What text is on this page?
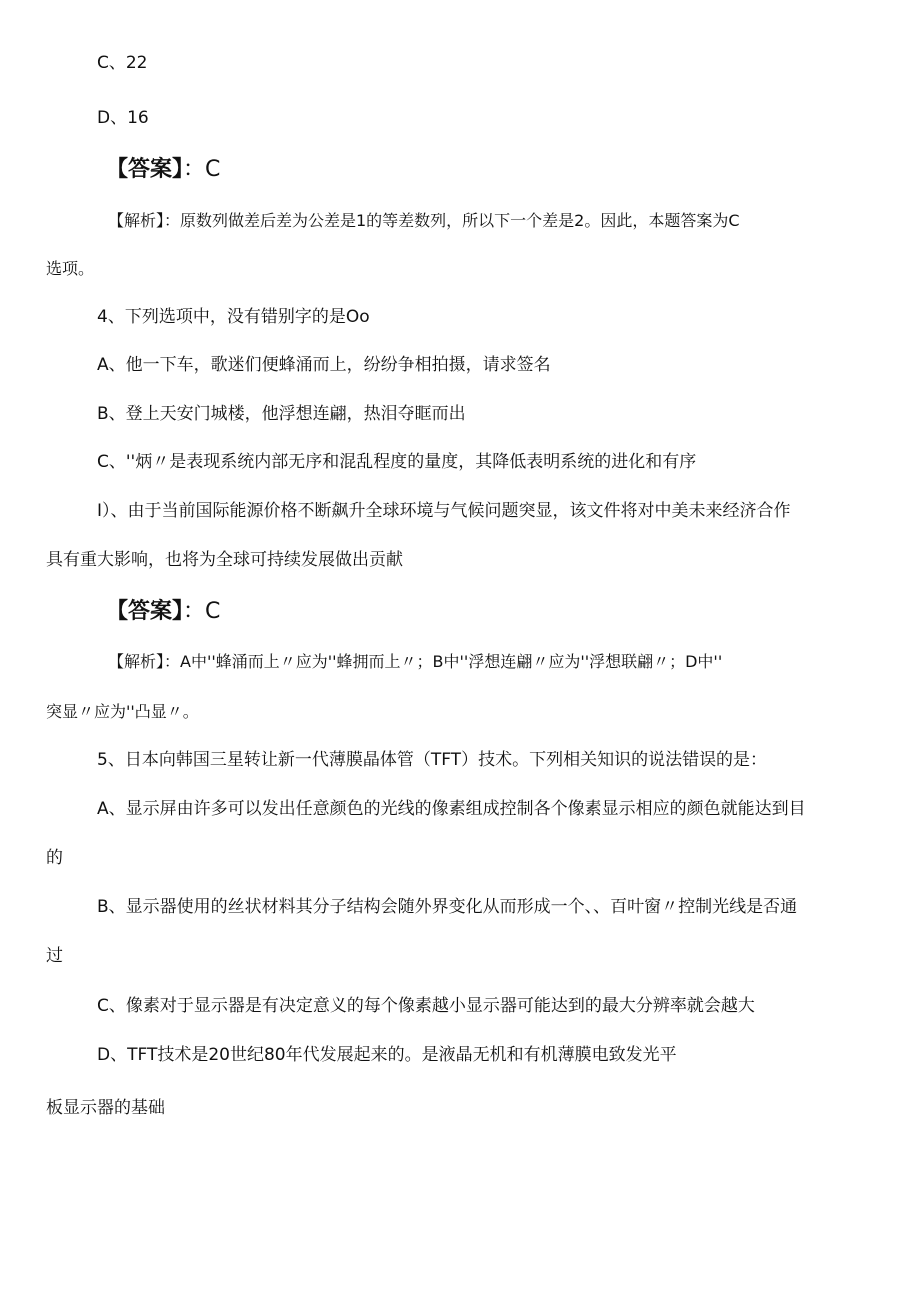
C、22
D、16
【答案】：C
【解析】：原数列做差后差为公差是1的等差数列，所以下一个差是2。因此，本题答案为C
选项。
4、下列选项中，没有错别字的是Oo
A、他一下车，歌迷们便蜂涌而上，纷纷争相拍摄，请求签名
B、登上天安门城楼，他浮想连翩，热泪夺眶而出
C、''炳〃是表现系统内部无序和混乱程度的量度，其降低表明系统的进化和有序
I）、由于当前国际能源价格不断飙升全球环境与气候问题突显，该文件将对中美未来经济合作
具有重大影响，也将为全球可持续发展做出贡献
【答案】：C
【解析】：A中''蜂涌而上〃应为''蜂拥而上〃；B中''浮想连翩〃应为''浮想联翩〃；D中''
突显〃应为''凸显〃。
5、日本向韩国三星转让新一代薄膜晶体管（TFT）技术。下列相关知识的说法错误的是：
A、显示屏由许多可以发出任意颜色的光线的像素组成控制各个像素显示相应的颜色就能达到目
的
B、显示器使用的丝状材料其分子结构会随外界变化从而形成一个、、百叶窗〃控制光线是否通
过
C、像素对于显示器是有决定意义的每个像素越小显示器可能达到的最大分辨率就会越大
D、TFT技术是20世纪80年代发展起来的。是液晶无机和有机薄膜电致发光平
板显示器的基础
